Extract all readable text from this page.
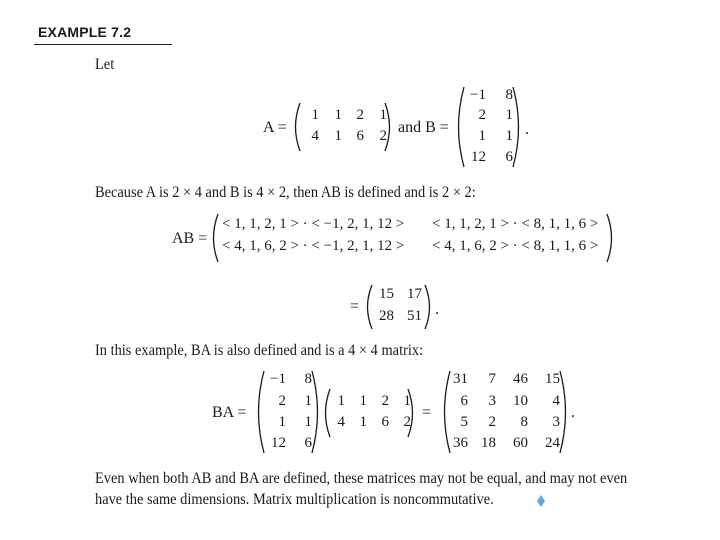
EXAMPLE 7.2
Let
A =
1	1 2	1
4	1 6	2 and B =
−1	8
2	1
1	1
12	6
.
Because A is 2 × 4 and B is 4 × 2, then AB is defined and is 2 × 2:
AB =
< 1, 1, 2, 1 > · < −1, 2, 1, 12 > < 1, 1, 2, 1 > · < 8, 1, 1, 6 >
< 4, 1, 6, 2 > · < −1, 2, 1, 12 > < 4, 1, 6, 2 > · < 8, 1, 1, 6 >
=
15 17
28 51 .
In this example, BA is also defined and is a 4 × 4 matrix:
BA =
−1	8
2	1
1	1
12	6
1 1 2 1
4 1 6 2
=
31	7	46	15
6	3	10	4
5	2	8	3
36 18	60	24
.
Even when both AB and BA are defined, these matrices may not be equal, and may not even
have the same dimensions. Matrix multiplication is noncommutative.
